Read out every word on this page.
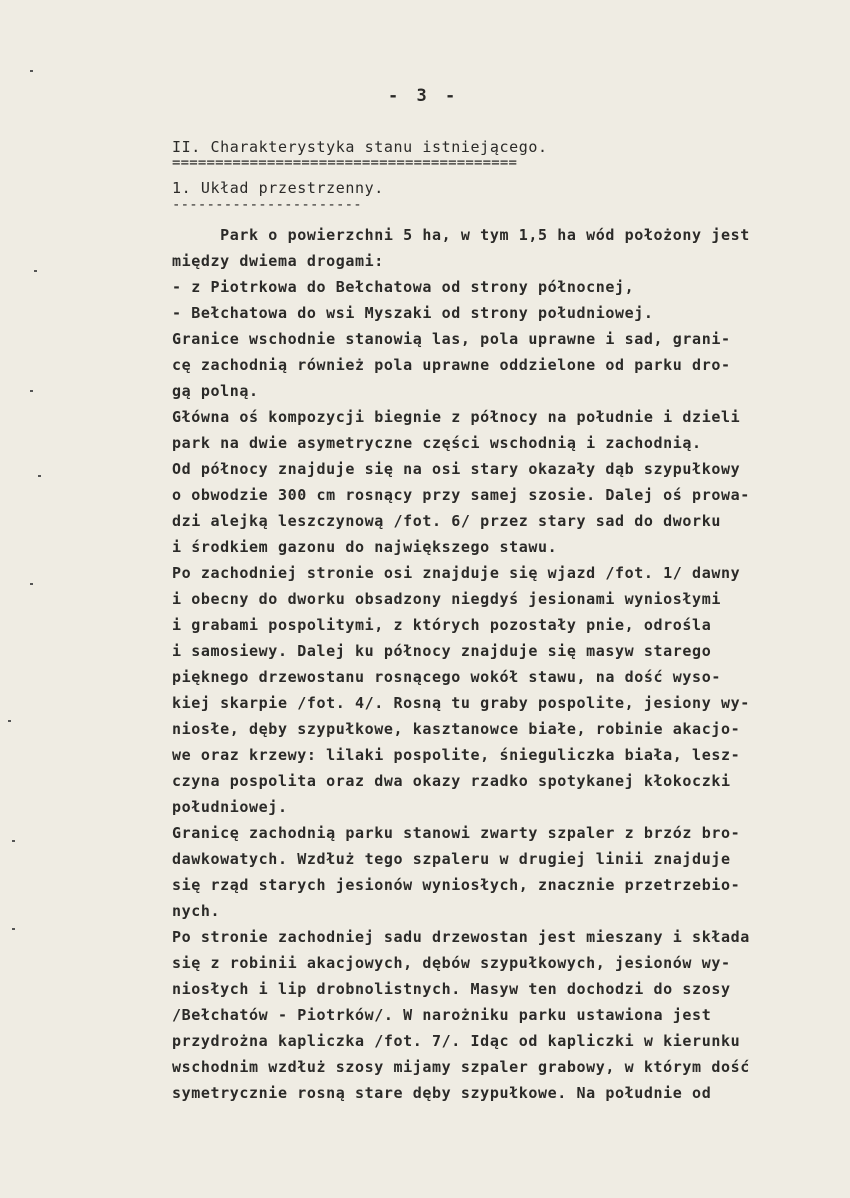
- 3 -
II. Charakterystyka stanu istniejącego.
========================================
1. Układ przestrzenny.
----------------------
Park o powierzchni 5 ha, w tym 1,5 ha wód położony jest
między dwiema drogami:
- z Piotrkowa do Bełchatowa od strony północnej,
- Bełchatowa do wsi Myszaki od strony południowej.
Granice wschodnie stanowią las, pola uprawne i sad, grani-
cę zachodnią również pola uprawne oddzielone od parku dro-
gą polną.
Główna oś kompozycji biegnie z północy na południe i dzieli
park na dwie asymetryczne części wschodnią i zachodnią.
Od północy znajduje się na osi stary okazały dąb szypułkowy
o obwodzie 300 cm rosnący przy samej szosie. Dalej oś prowa-
dzi alejką leszczynową /fot. 6/ przez stary sad do dworku
i środkiem gazonu do największego stawu.
Po zachodniej stronie osi znajduje się wjazd /fot. 1/ dawny
i obecny do dworku obsadzony niegdyś jesionami wyniosłymi
i grabami pospolitymi, z których pozostały pnie, odrośla
i samosiewy. Dalej ku północy znajduje się masyw starego
pięknego drzewostanu rosnącego wokół stawu, na dość wyso-
kiej skarpie /fot. 4/. Rosną tu graby pospolite, jesiony wy-
niosłe, dęby szypułkowe, kasztanowce białe, robinie akacjo-
we oraz krzewy: lilaki pospolite, śnieguliczka biała, lesz-
czyna pospolita oraz dwa okazy rzadko spotykanej kłokoczki
południowej.
Granicę zachodnią parku stanowi zwarty szpaler z brzóz bro-
dawkowatych. Wzdłuż tego szpaleru w drugiej linii znajduje
się rząd starych jesionów wyniosłych, znacznie przetrzebio-
nych.
Po stronie zachodniej sadu drzewostan jest mieszany i składa
się z robinii akacjowych, dębów szypułkowych, jesionów wy-
niosłych i lip drobnolistnych. Masyw ten dochodzi do szosy
/Bełchatów - Piotrków/. W narożniku parku ustawiona jest
przydrożna kapliczka /fot. 7/. Idąc od kapliczki w kierunku
wschodnim wzdłuż szosy mijamy szpaler grabowy, w którym dość
symetrycznie rosną stare dęby szypułkowe. Na południe od
